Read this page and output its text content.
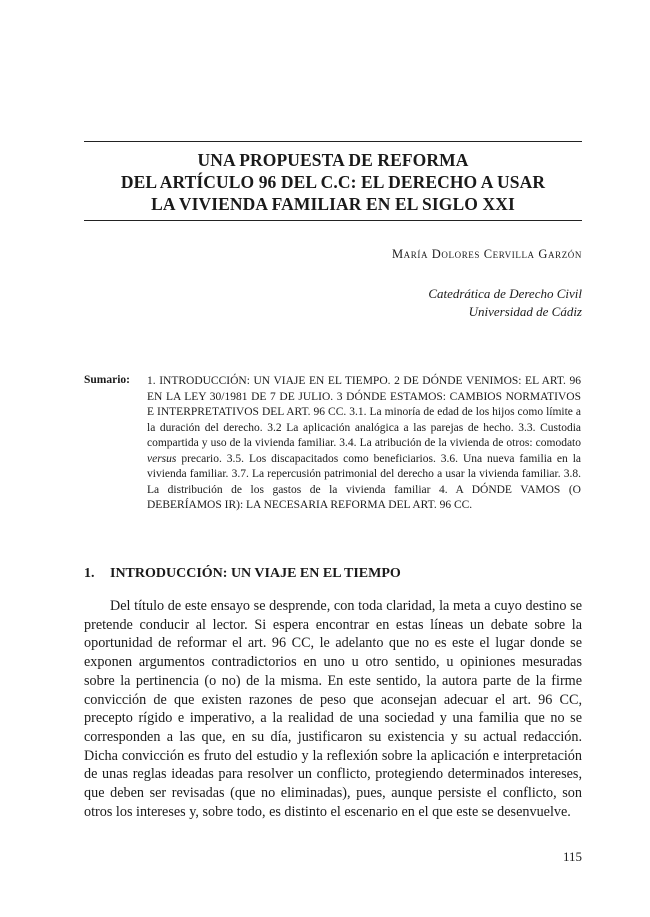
UNA PROPUESTA DE REFORMA
DEL ARTÍCULO 96 DEL C.C: EL DERECHO A USAR
LA VIVIENDA FAMILIAR EN EL SIGLO XXI
María Dolores Cervilla Garzón
Catedrática de Derecho Civil
Universidad de Cádiz
Sumario: 1. INTRODUCCIÓN: UN VIAJE EN EL TIEMPO. 2 DE DÓNDE VENIMOS: EL ART. 96 EN LA LEY 30/1981 DE 7 DE JULIO. 3 DÓNDE ESTAMOS: CAMBIOS NORMATIVOS E INTERPRETATIVOS DEL ART. 96 CC. 3.1. La minoría de edad de los hijos como límite a la duración del derecho. 3.2 La aplicación analógica a las parejas de hecho. 3.3. Custodia compartida y uso de la vivienda familiar. 3.4. La atribución de la vivienda de otros: comodato versus precario. 3.5. Los discapacitados como beneficiarios. 3.6. Una nueva familia en la vivienda familiar. 3.7. La repercusión patrimonial del derecho a usar la vivienda familiar. 3.8. La distribución de los gastos de la vivienda familiar 4. A DÓNDE VAMOS (O DEBERÍAMOS IR): LA NECESARIA REFORMA DEL ART. 96 CC.
1. INTRODUCCIÓN: UN VIAJE EN EL TIEMPO

Del título de este ensayo se desprende, con toda claridad, la meta a cuyo destino se pretende conducir al lector. Si espera encontrar en estas líneas un debate sobre la oportunidad de reformar el art. 96 CC, le adelanto que no es este el lugar donde se exponen argumentos contradictorios en uno u otro sentido, u opiniones mesuradas sobre la pertinencia (o no) de la misma. En este sentido, la autora parte de la firme convicción de que existen razones de peso que aconsejan adecuar el art. 96 CC, precepto rígido e imperativo, a la realidad de una sociedad y una familia que no se corresponden a las que, en su día, justificaron su existencia y su actual redacción. Dicha convicción es fruto del estudio y la reflexión sobre la aplicación e interpretación de unas reglas ideadas para resolver un conflicto, protegiendo determinados intereses, que deben ser revisadas (que no eliminadas), pues, aunque persiste el conflicto, son otros los intereses y, sobre todo, es distinto el escenario en el que este se desenvuelve.

115
